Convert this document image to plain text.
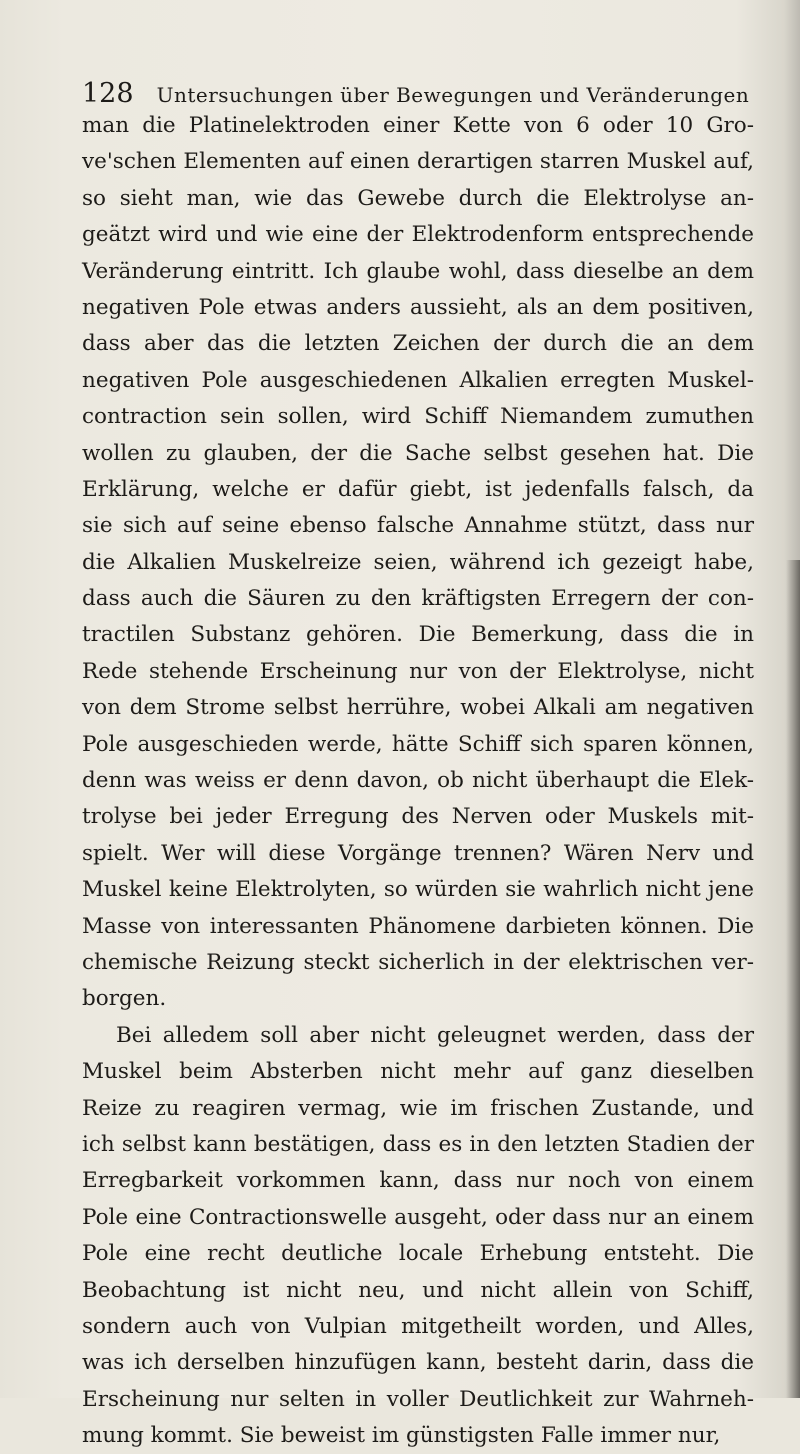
128 Untersuchungen über Bewegungen und Veränderungen
man die Platinelektroden einer Kette von 6 oder 10 Gro-
ve'schen Elementen auf einen derartigen starren Muskel auf,
so sieht man, wie das Gewebe durch die Elektrolyse an-
geätzt wird und wie eine der Elektrodenform entsprechende
Veränderung eintritt. Ich glaube wohl, dass dieselbe an dem
negativen Pole etwas anders aussieht, als an dem positiven,
dass aber das die letzten Zeichen der durch die an dem
negativen Pole ausgeschiedenen Alkalien erregten Muskel-
contraction sein sollen, wird Schiff Niemandem zumuthen
wollen zu glauben, der die Sache selbst gesehen hat. Die
Erklärung, welche er dafür giebt, ist jedenfalls falsch, da
sie sich auf seine ebenso falsche Annahme stützt, dass nur
die Alkalien Muskelreize seien, während ich gezeigt habe,
dass auch die Säuren zu den kräftigsten Erregern der con-
tractilen Substanz gehören. Die Bemerkung, dass die in
Rede stehende Erscheinung nur von der Elektrolyse, nicht
von dem Strome selbst herrühre, wobei Alkali am negativen
Pole ausgeschieden werde, hätte Schiff sich sparen können,
denn was weiss er denn davon, ob nicht überhaupt die Elek-
trolyse bei jeder Erregung des Nerven oder Muskels mit-
spielt. Wer will diese Vorgänge trennen? Wären Nerv und
Muskel keine Elektrolyten, so würden sie wahrlich nicht jene
Masse von interessanten Phänomene darbieten können. Die
chemische Reizung steckt sicherlich in der elektrischen ver-
borgen.
Bei alledem soll aber nicht geleugnet werden, dass der
Muskel beim Absterben nicht mehr auf ganz dieselben
Reize zu reagiren vermag, wie im frischen Zustande, und
ich selbst kann bestätigen, dass es in den letzten Stadien der
Erregbarkeit vorkommen kann, dass nur noch von einem
Pole eine Contractionswelle ausgeht, oder dass nur an einem
Pole eine recht deutliche locale Erhebung entsteht. Die
Beobachtung ist nicht neu, und nicht allein von Schiff,
sondern auch von Vulpian mitgetheilt worden, und Alles,
was ich derselben hinzufügen kann, besteht darin, dass die
Erscheinung nur selten in voller Deutlichkeit zur Wahrneh-
mung kommt. Sie beweist im günstigsten Falle immer nur,
